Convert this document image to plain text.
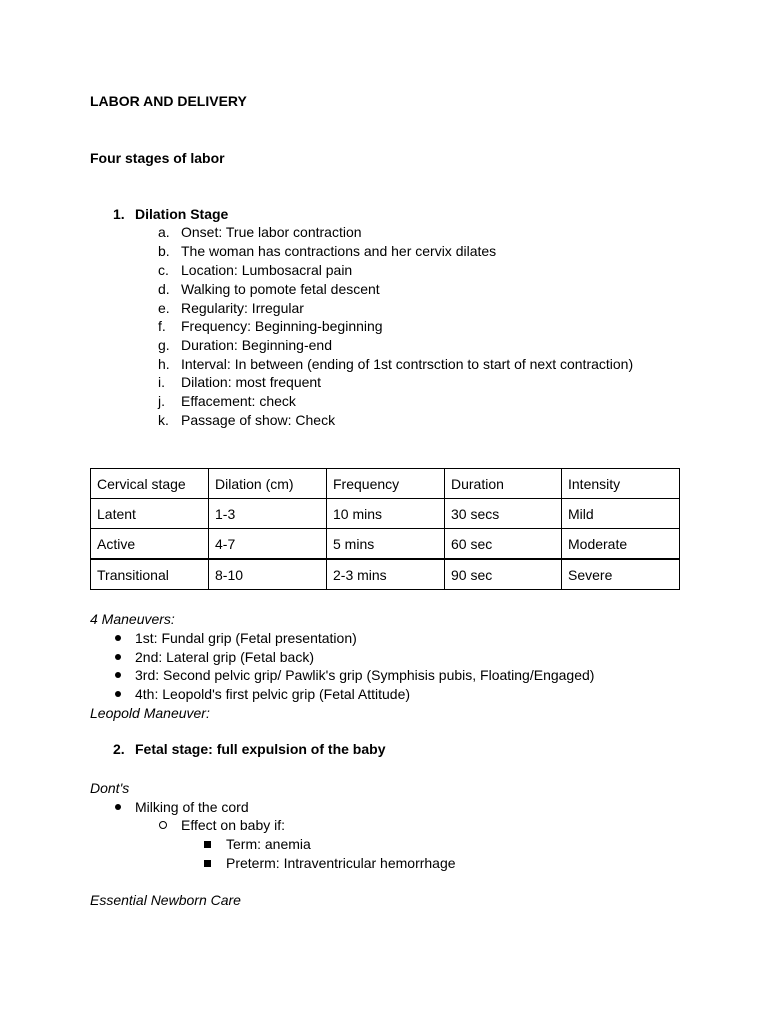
LABOR AND DELIVERY
Four stages of labor
1. Dilation Stage
a. Onset: True labor contraction
b. The woman has contractions and her cervix dilates
c. Location: Lumbosacral pain
d. Walking to pomote fetal descent
e. Regularity: Irregular
f. Frequency: Beginning-beginning
g. Duration: Beginning-end
h. Interval: In between (ending of 1st contrsction to start of next contraction)
i. Dilation: most frequent
j. Effacement: check
k. Passage of show: Check
Cervical stage	Dilation (cm)	Frequency	Duration	Intensity
Latent	1-3	10 mins	30 secs	Mild
Active	4-7	5 mins	60 sec	Moderate
Transitional	8-10	2-3 mins	90 sec	Severe
4 Maneuvers:
1st: Fundal grip (Fetal presentation)
2nd: Lateral grip (Fetal back)
3rd: Second pelvic grip/ Pawlik's grip (Symphisis pubis, Floating/Engaged)
4th: Leopold's first pelvic grip (Fetal Attitude)
Leopold Maneuver:
2. Fetal stage: full expulsion of the baby
Dont's
Milking of the cord
Effect on baby if:
Term: anemia
Preterm: Intraventricular hemorrhage
Essential Newborn Care
